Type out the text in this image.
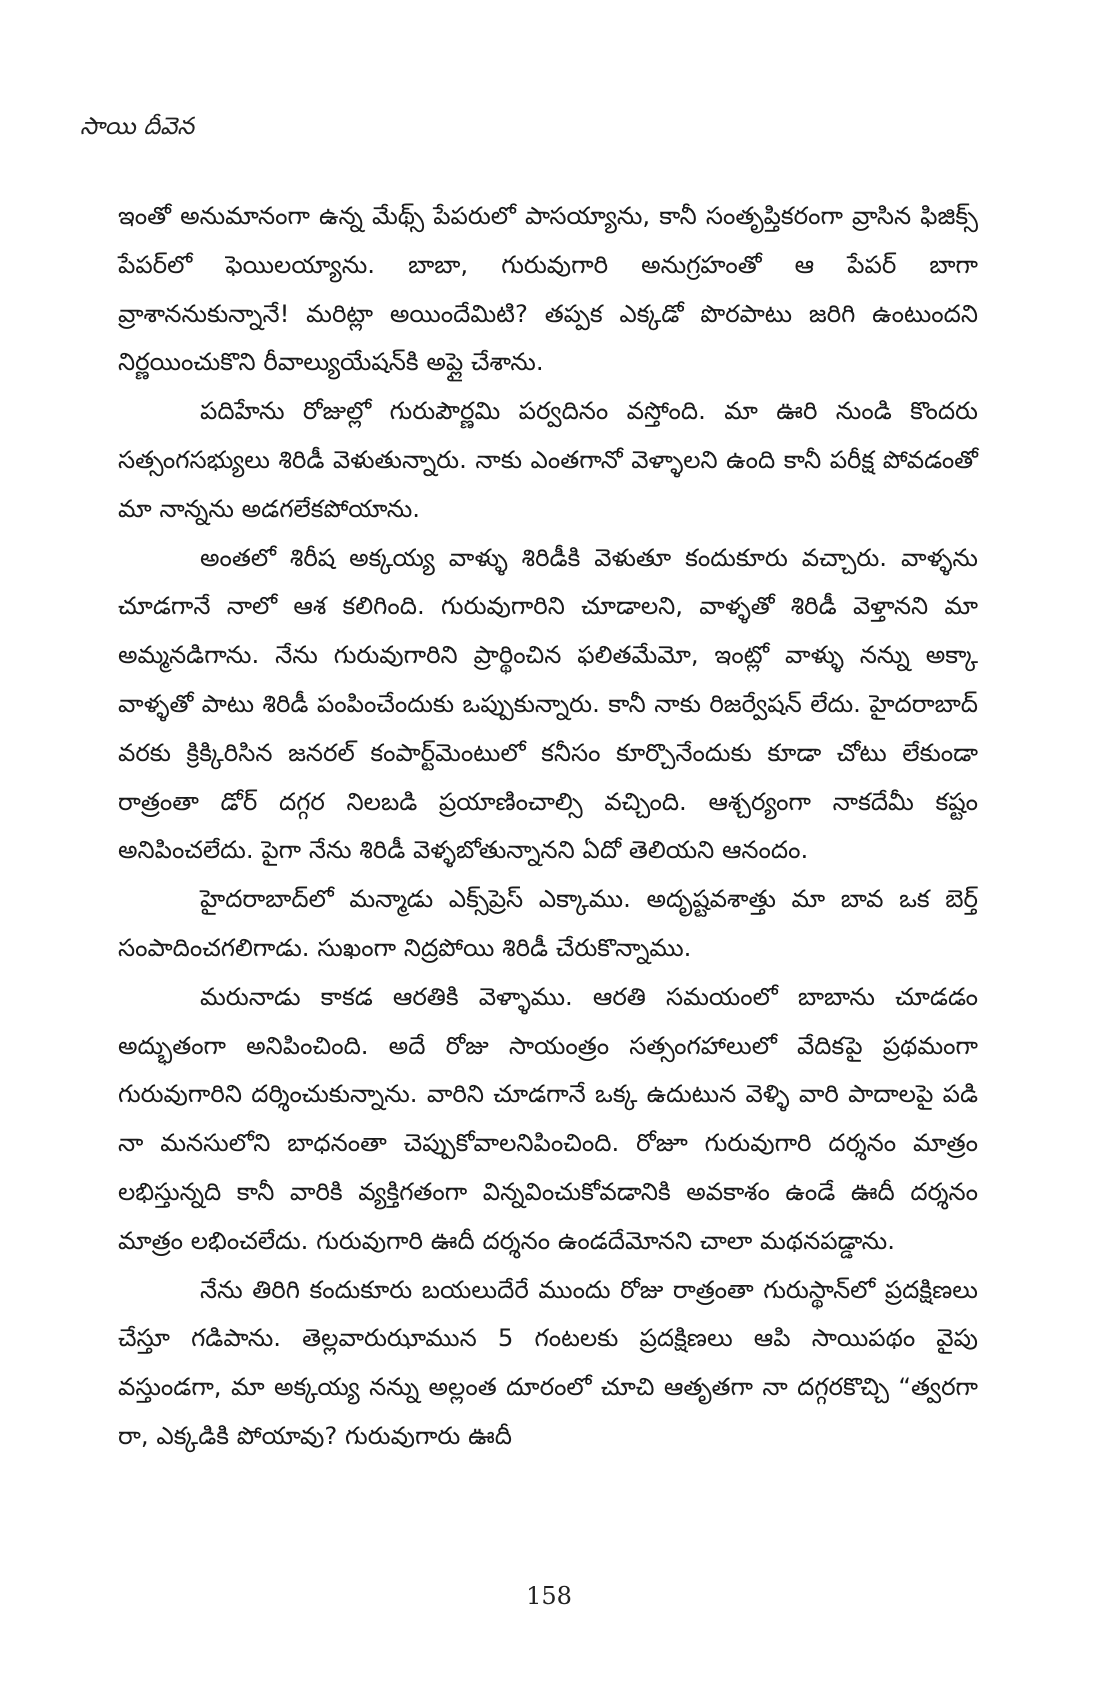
సాయి దీవెన

ఇంతో అనుమానంగా ఉన్న మేథ్స్ పేపరులో పాసయ్యాను, కానీ సంతృప్తికరంగా వ్రాసిన ఫిజిక్స్ పేపర్‌లో ఫెయిలయ్యాను. బాబా, గురువుగారి అనుగ్రహంతో ఆ పేపర్ బాగా వ్రాశాననుకున్నానే! మరిట్లా అయిందేమిటి? తప్పక ఎక్కడో పొరపాటు జరిగి ఉంటుందని నిర్ణయించుకొని రీవాల్యుయేషన్‌కి అప్లై చేశాను.

పదిహేను రోజుల్లో గురుపౌర్ణమి పర్వదినం వస్తోంది. మా ఊరి నుండి కొందరు సత్సంగసభ్యులు శిరిడీ వెళుతున్నారు. నాకు ఎంతగానో వెళ్ళాలని ఉంది కానీ పరీక్ష పోవడంతో మా నాన్నను అడగలేకపోయాను.

అంతలో శిరీష అక్కయ్య వాళ్ళు శిరిడీకి వెళుతూ కందుకూరు వచ్చారు. వాళ్ళను చూడగానే నాలో ఆశ కలిగింది. గురువుగారిని చూడాలని, వాళ్ళతో శిరిడీ వెళ్తానని మా అమ్మనడిగాను. నేను గురువుగారిని ప్రార్థించిన ఫలితమేమో, ఇంట్లో వాళ్ళు నన్ను అక్కా వాళ్ళతో పాటు శిరిడీ పంపించేందుకు ఒప్పుకున్నారు. కానీ నాకు రిజర్వేషన్ లేదు. హైదరాబాద్ వరకు క్రిక్కిరిసిన జనరల్ కంపార్ట్‌మెంటులో కనీసం కూర్చొనేందుకు కూడా చోటు లేకుండా రాత్రంతా డోర్ దగ్గర నిలబడి ప్రయాణించాల్సి వచ్చింది. ఆశ్చర్యంగా నాకదేమీ కష్టం అనిపించలేదు. పైగా నేను శిరిడీ వెళ్ళబోతున్నానని ఏదో తెలియని ఆనందం.

హైదరాబాద్‌లో మన్మాడు ఎక్స్‌ప్రెస్ ఎక్కాము. అదృష్టవశాత్తు మా బావ ఒక బెర్త్ సంపాదించగలిగాడు. సుఖంగా నిద్రపోయి శిరిడీ చేరుకొన్నాము.

మరునాడు కాకడ ఆరతికి వెళ్ళాము. ఆరతి సమయంలో బాబాను చూడడం అద్భుతంగా అనిపించింది. అదే రోజు సాయంత్రం సత్సంగహాలులో వేదికపై ప్రథమంగా గురువుగారిని దర్శించుకున్నాను. వారిని చూడగానే ఒక్క ఉదుటున వెళ్ళి వారి పాదాలపై పడి నా మనసులోని బాధనంతా చెప్పుకోవాలనిపించింది. రోజూ గురువుగారి దర్శనం మాత్రం లభిస్తున్నది కానీ వారికి వ్యక్తిగతంగా విన్నవించుకోవడానికి అవకాశం ఉండే ఊదీ దర్శనం మాత్రం లభించలేదు. గురువుగారి ఊదీ దర్శనం ఉండదేమోనని చాలా మథనపడ్డాను.

నేను తిరిగి కందుకూరు బయలుదేరే ముందు రోజు రాత్రంతా గురుస్థాన్‌లో ప్రదక్షిణలు చేస్తూ గడిపాను. తెల్లవారుఝామున 5 గంటలకు ప్రదక్షిణలు ఆపి సాయిపథం వైపు వస్తుండగా, మా అక్కయ్య నన్ను అల్లంత దూరంలో చూచి ఆతృతగా నా దగ్గరకొచ్చి “త్వరగా రా, ఎక్కడికి పోయావు? గురువుగారు ఊదీ

158
